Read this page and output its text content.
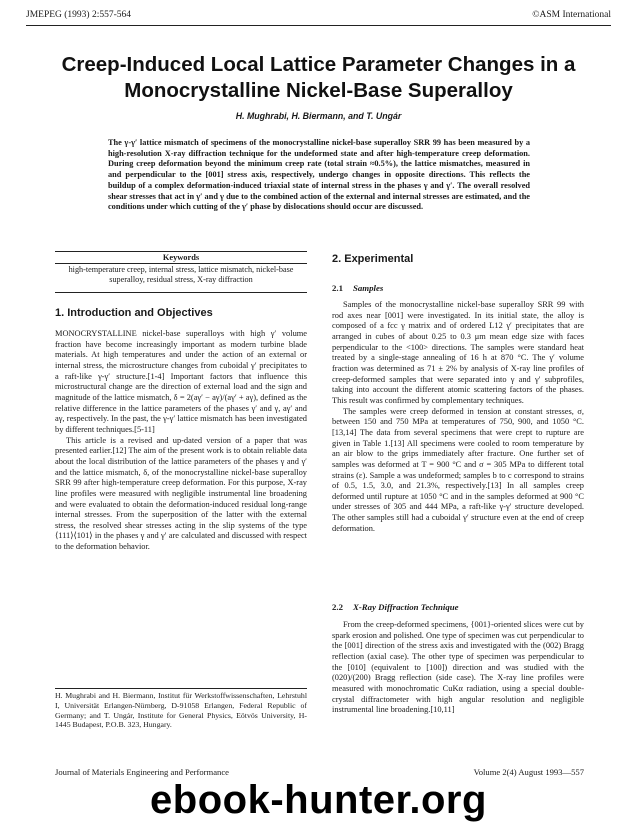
JMEPEG (1993) 2:557-564	©ASM International
Creep-Induced Local Lattice Parameter Changes in a Monocrystalline Nickel-Base Superalloy
H. Mughrabi, H. Biermann, and T. Ungár
The γ-γ′ lattice mismatch of specimens of the monocrystalline nickel-base superalloy SRR 99 has been measured by a high-resolution X-ray diffraction technique for the undeformed state and after high-temperature creep deformation. During creep deformation beyond the minimum creep rate (total strain ≈0.5%), the lattice mismatches, measured in and perpendicular to the [001] stress axis, respectively, undergo changes in opposite directions. This reflects the buildup of a complex deformation-induced triaxial state of internal stress in the phases γ and γ′. The overall resolved shear stresses that act in γ′ and γ due to the combined action of the external and internal stresses are estimated, and the conditions under which cutting of the γ′ phase by dislocations should occur are discussed.
Keywords
high-temperature creep, internal stress, lattice mismatch, nickel-base superalloy, residual stress, X-ray diffraction
1. Introduction and Objectives

MONOCRYSTALLINE nickel-base superalloys with high γ′ volume fraction have become increasingly important as modern turbine blade materials. At high temperatures and under the action of an external or internal stress, the microstructure changes from cuboidal γ′ precipitates to a raft-like γ-γ′ structure.[1-4] Important factors that influence this microstructural change are the direction of external load and the sign and magnitude of the lattice mismatch, δ = 2(aγ′ − aγ)/(aγ′ + aγ), defined as the relative difference in the lattice parameters of the phases γ′ and γ, aγ′ and aγ, respectively. In the past, the γ-γ′ lattice mismatch has been investigated by different techniques.[5-11]

This article is a revised and up-dated version of a paper that was presented earlier.[12] The aim of the present work is to obtain reliable data about the local distribution of the lattice parameters of the phases γ and γ′ and the lattice mismatch, δ, of the monocrystalline nickel-base superalloy SRR 99 after high-temperature creep deformation. For this purpose, X-ray line profiles were measured with negligible instrumental line broadening and were evaluated to obtain the deformation-induced residual long-range internal stresses. From the superposition of the latter with the external stress, the resolved shear stresses acting in the slip systems of the type ⟨111⟩⟨101⟩ in the phases γ and γ′ are calculated and discussed with respect to the deformation behavior.

H. Mughrabi and H. Biermann, Institut für Werkstoffwissenschaften, Lehrstuhl I, Universität Erlangen-Nürnberg, D-91058 Erlangen, Federal Republic of Germany; and T. Ungár, Institute for General Physics, Eötvös University, H-1445 Budapest, P.O.B. 323, Hungary.
2. Experimental
2.1 Samples

Samples of the monocrystalline nickel-base superalloy SRR 99 with rod axes near [001] were investigated. In its initial state, the alloy is composed of a fcc γ matrix and of ordered L12 γ′ precipitates that are arranged in cubes of about 0.25 to 0.3 μm mean edge size with faces perpendicular to the <100> directions. The samples were standard heat treated by a single-stage annealing of 16 h at 870 °C. The γ′ volume fraction was determined as 71 ± 2% by analysis of X-ray line profiles of creep-deformed samples that were separated into γ and γ′ subprofiles, taking into account the different atomic scattering factors of the phases. This result was confirmed by complementary techniques.

The samples were creep deformed in tension at constant stresses, σ, between 150 and 750 MPa at temperatures of 750, 900, and 1050 °C.[13,14] The data from several specimens that were crept to rupture are given in Table 1.[13] All specimens were cooled to room temperature by an air blow to the grips immediately after fracture. One further set of samples was deformed at T = 900 °C and σ = 305 MPa to different total strains (ε). Sample a was undeformed; samples b to c correspond to strains of 0.5, 1.5, 3.0, and 21.3%, respectively.[13] In all samples creep deformed until rupture at 1050 °C and in the samples deformed at 900 °C under stresses of 305 and 444 MPa, a raft-like γ-γ′ structure developed. The other samples still had a cuboidal γ′ structure even at the end of creep deformation.

2.2 X-Ray Diffraction Technique

From the creep-deformed specimens, {001}-oriented slices were cut by spark erosion and polished. One type of specimen was cut perpendicular to the [001] direction of the stress axis and investigated with the (002) Bragg reflection (axial case). The other type of specimen was perpendicular to the [010] (equivalent to [100]) direction and was studied with the (020)/(200) Bragg reflection (side case). The X-ray line profiles were measured with monochromatic CuKα radiation, using a special double-crystal diffractometer with high angular resolution and negligible instrumental line broadening.[10,11]

Journal of Materials Engineering and Performance	Volume 2(4) August 1993—557
ebook-hunter.org
